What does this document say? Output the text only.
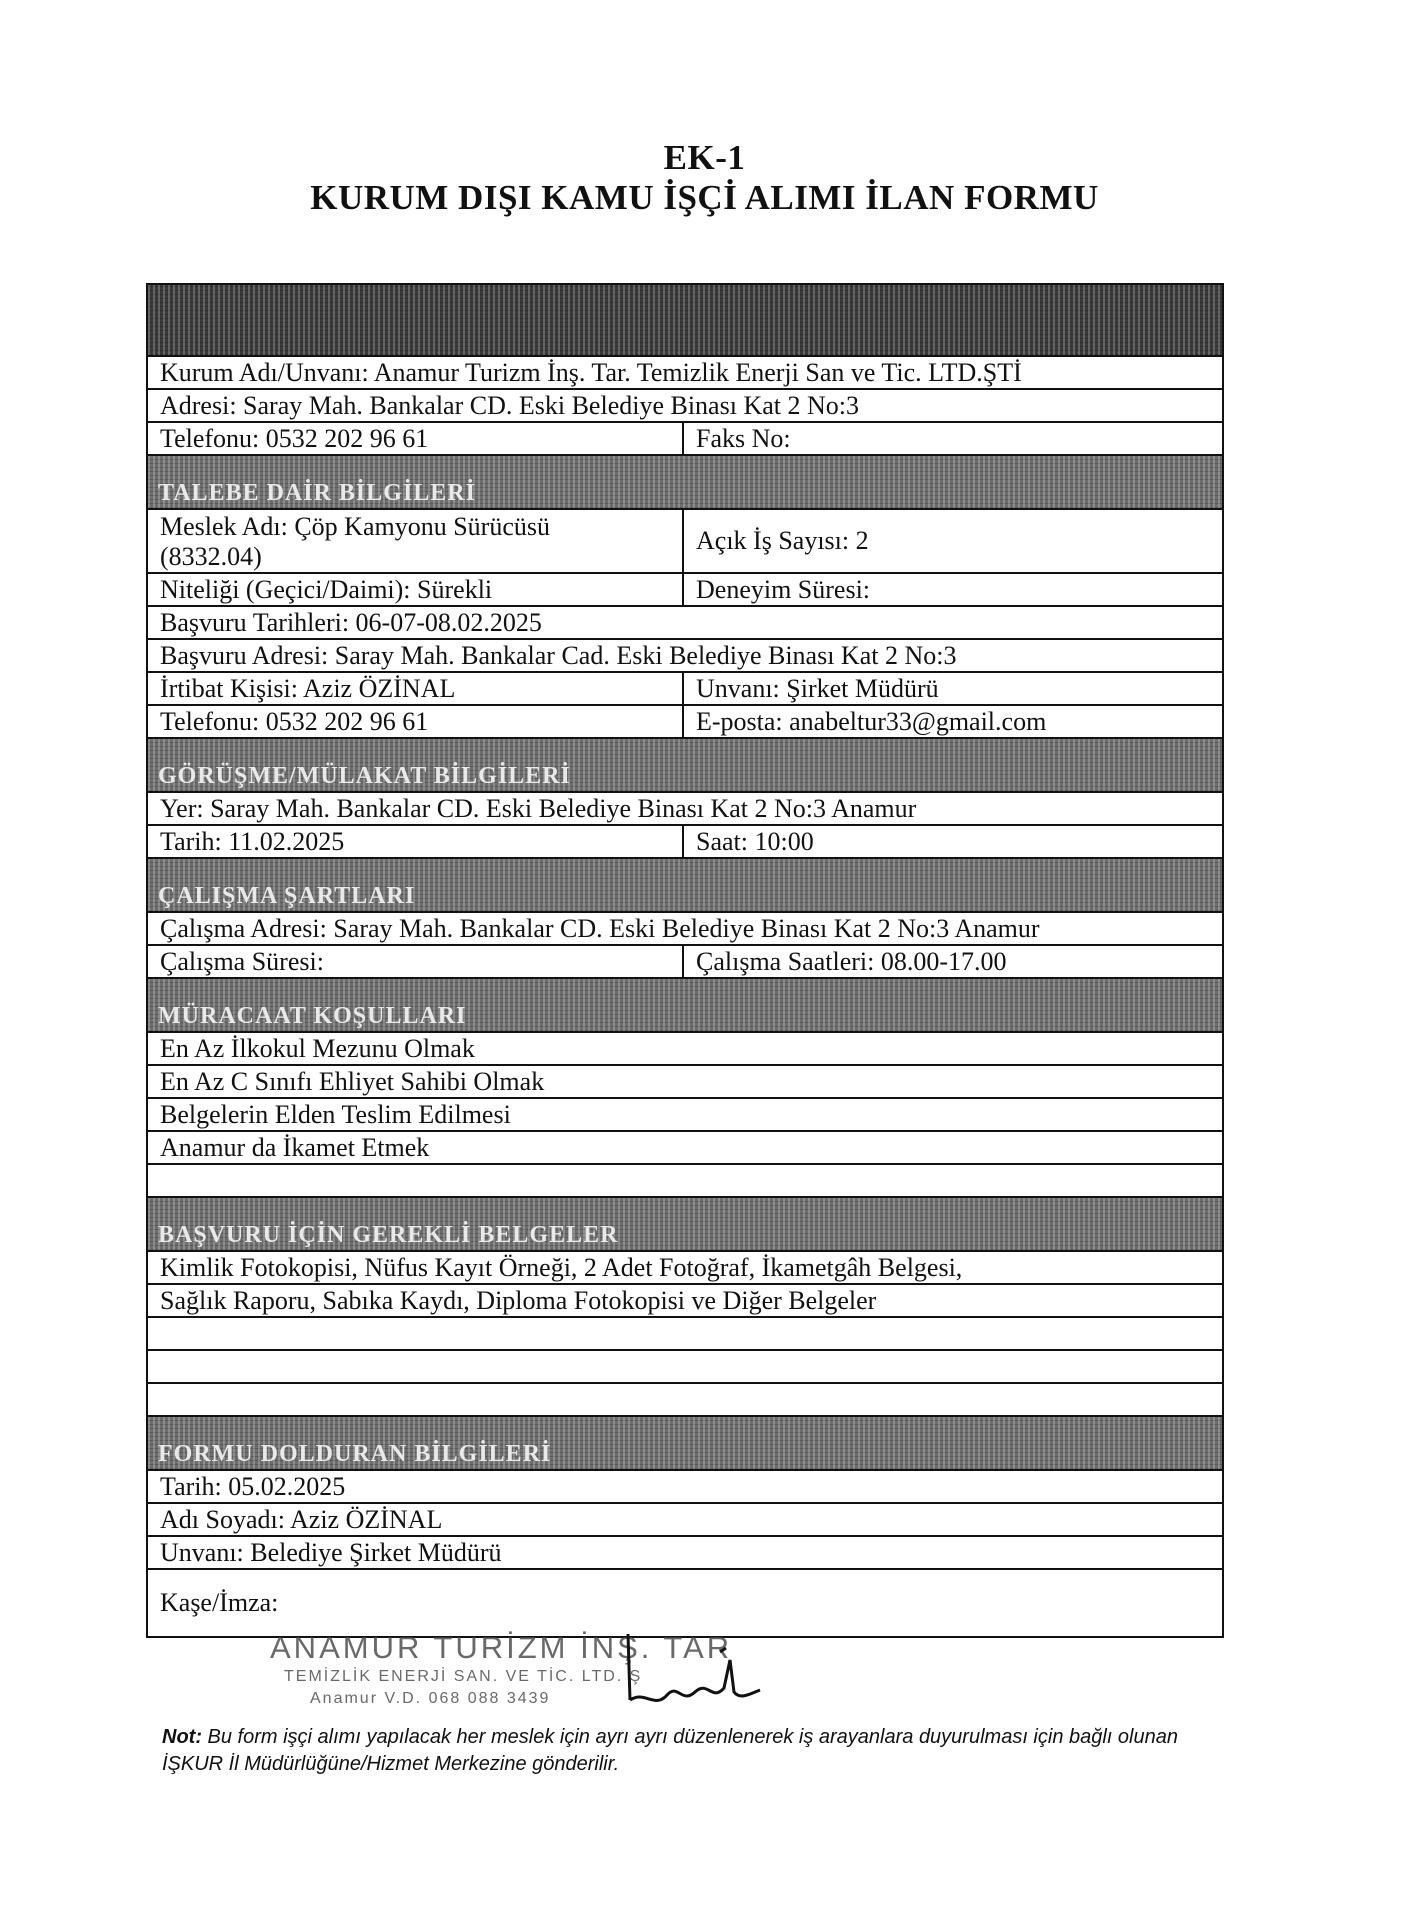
EK-1
KURUM DIŞI KAMU İŞÇİ ALIMI İLAN FORMU

Kurum Adı/Unvanı: Anamur Turizm İnş. Tar. Temizlik Enerji San ve Tic. LTD.ŞTİ	
Adresi: Saray Mah. Bankalar CD. Eski Belediye Binası Kat 2 No:3	
Telefonu: 0532 202 96 61	Faks No:
TALEBE DAİR BİLGİLERİ	
Meslek Adı: Çöp Kamyonu Sürücüsü (8332.04)	Açık İş Sayısı: 2
Niteliği (Geçici/Daimi): Sürekli	Deneyim Süresi:
Başvuru Tarihleri: 06-07-08.02.2025	
Başvuru Adresi: Saray Mah. Bankalar Cad. Eski Belediye Binası Kat 2 No:3	
İrtibat Kişisi: Aziz ÖZİNAL	Unvanı: Şirket Müdürü
Telefonu: 0532 202 96 61	E-posta: anabeltur33@gmail.com
GÖRÜŞME/MÜLAKAT BİLGİLERİ	
Yer: Saray Mah. Bankalar CD. Eski Belediye Binası Kat 2 No:3 Anamur	
Tarih: 11.02.2025	Saat: 10:00
ÇALIŞMA ŞARTLARI	
Çalışma Adresi: Saray Mah. Bankalar CD. Eski Belediye Binası Kat 2 No:3 Anamur	
Çalışma Süresi:	Çalışma Saatleri: 08.00-17.00
MÜRACAAT KOŞULLARI	
En Az İlkokul Mezunu Olmak	
En Az C Sınıfı Ehliyet Sahibi Olmak	
Belgelerin Elden Teslim Edilmesi	
Anamur da İkamet Etmek	

BAŞVURU İÇİN GEREKLİ BELGELER	
Kimlik Fotokopisi, Nüfus Kayıt Örneği, 2 Adet Fotoğraf, İkametgâh Belgesi,	
Sağlık Raporu, Sabıka Kaydı, Diploma Fotokopisi ve Diğer Belgeler	

FORMU DOLDURAN BİLGİLERİ	
Tarih: 05.02.2025	
Adı Soyadı: Aziz ÖZİNAL	
Unvanı: Belediye Şirket Müdürü	
Kaşe/İmza:	
ANAMUR TURİZM İNŞ. TAR
TEMİZLİK ENERJİ SAN. VE TİC. LTD. Ş
Anamur V.D. 068 088 3439
Not: Bu form işçi alımı yapılacak her meslek için ayrı ayrı düzenlenerek iş arayanlara duyurulması için bağlı olunan İŞKUR İl Müdürlüğüne/Hizmet Merkezine gönderilir.
